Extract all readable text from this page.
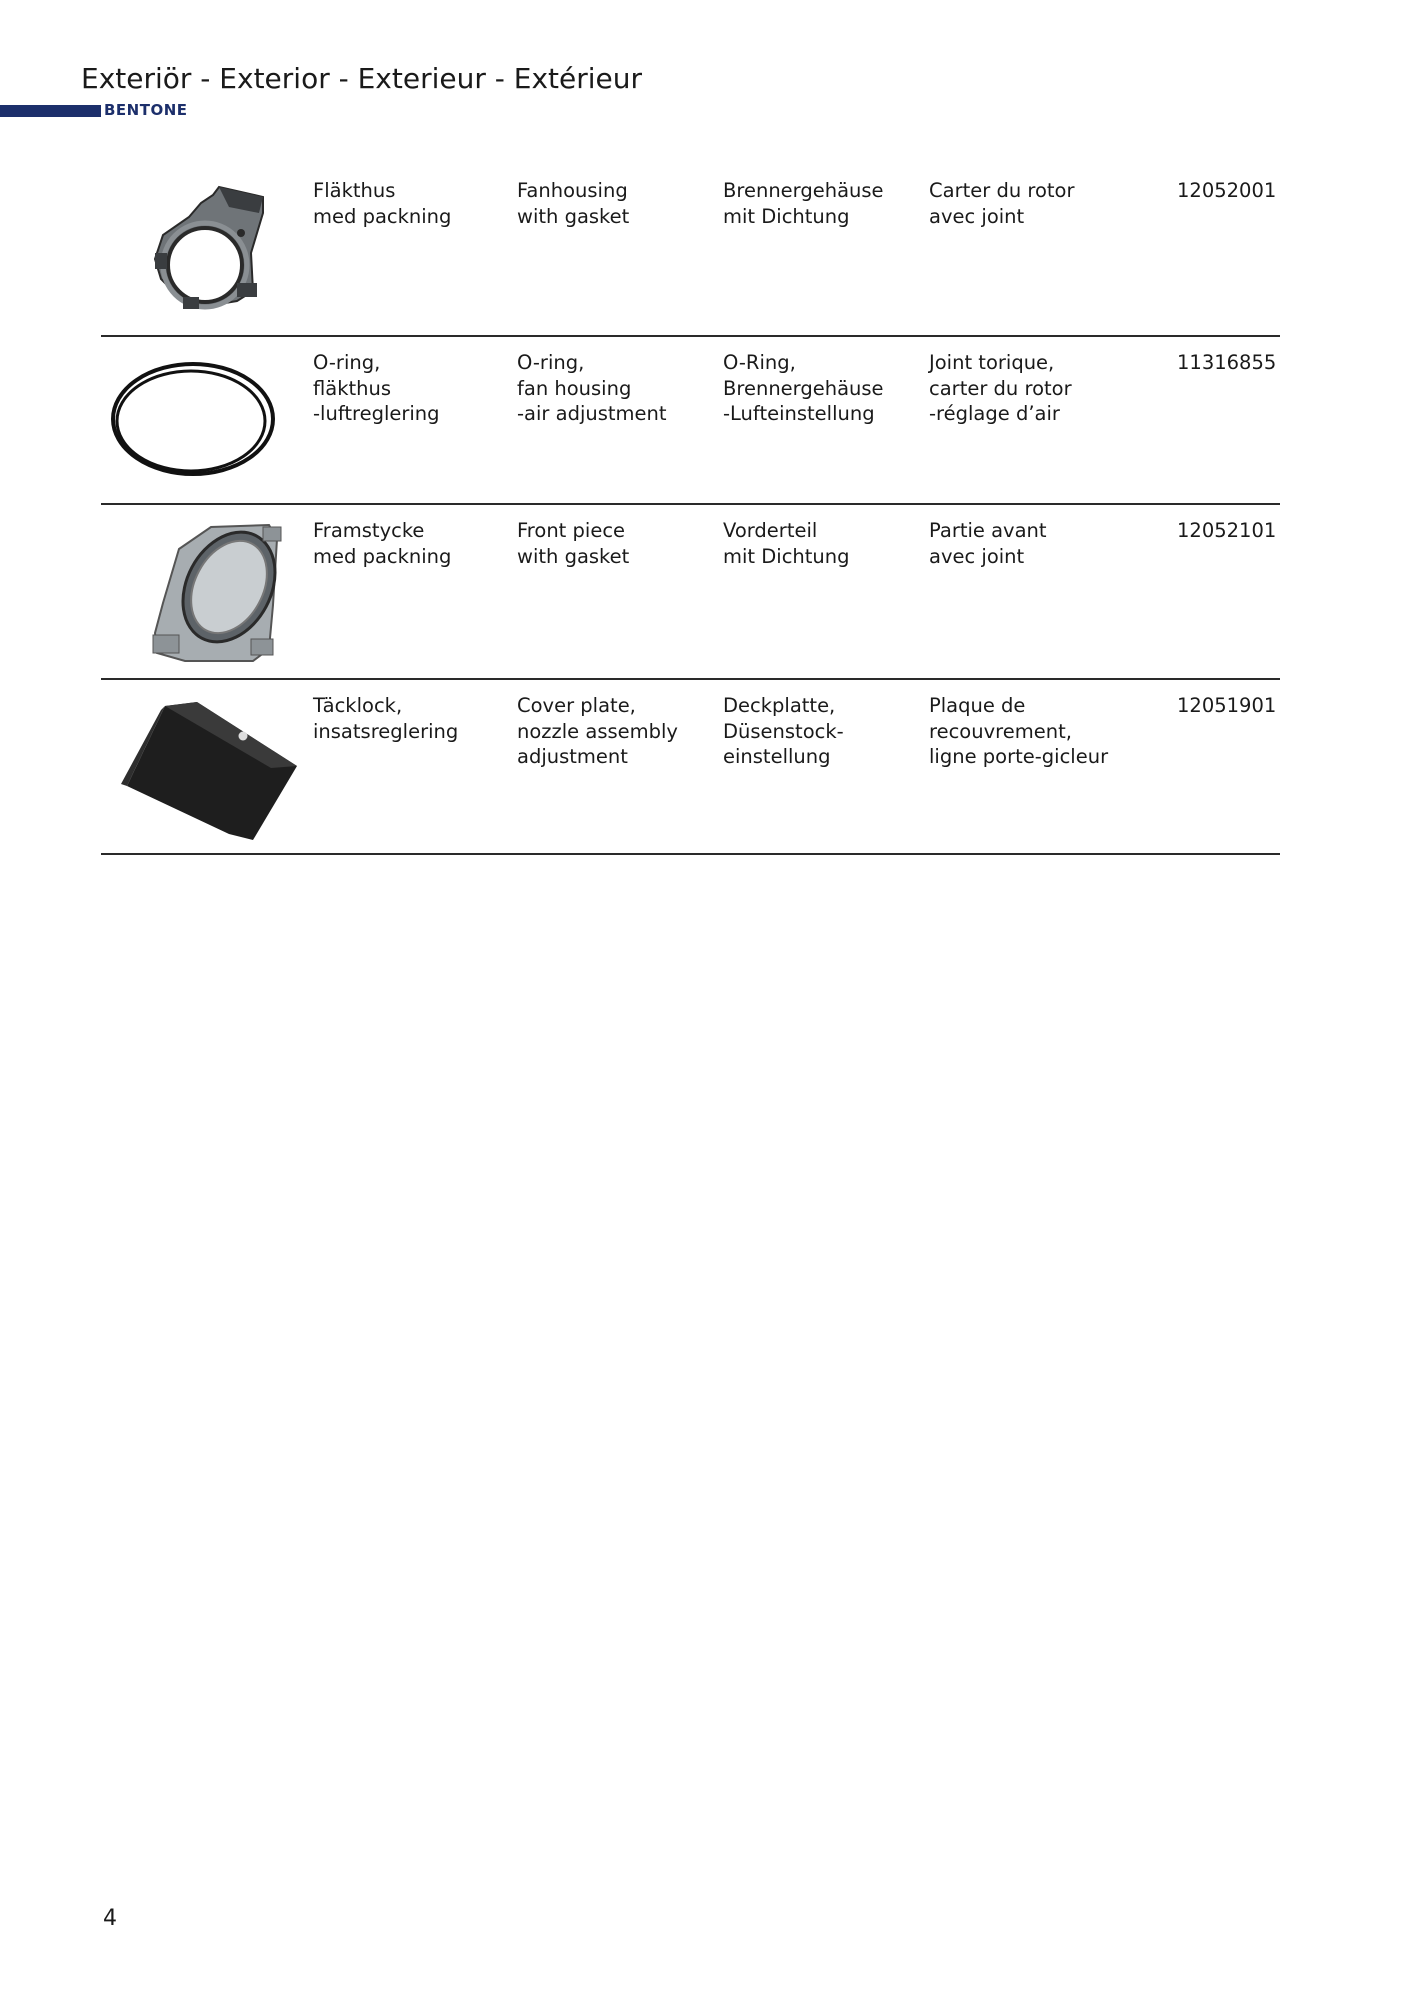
Exteriör - Exterior - Exterieur - Extérieur
BENTONE
Fläkthus
med packning
Fanhousing
with gasket
Brennergehäuse
mit Dichtung
Carter du rotor
avec joint
12052001
O-ring,
fläkthus
-luftreglering
O-ring,
fan housing
-air adjustment
O-Ring,
Brennergehäuse
-Lufteinstellung
Joint torique,
carter du rotor
-réglage d’air
11316855
Framstycke
med packning
Front piece
with gasket
Vorderteil
mit Dichtung
Partie avant
avec joint
12052101
Täcklock,
insatsreglering
Cover plate,
nozzle assembly
adjustment
Deckplatte,
Düsenstock-
einstellung
Plaque de
recouvrement,
ligne porte-gicleur
12051901
4
